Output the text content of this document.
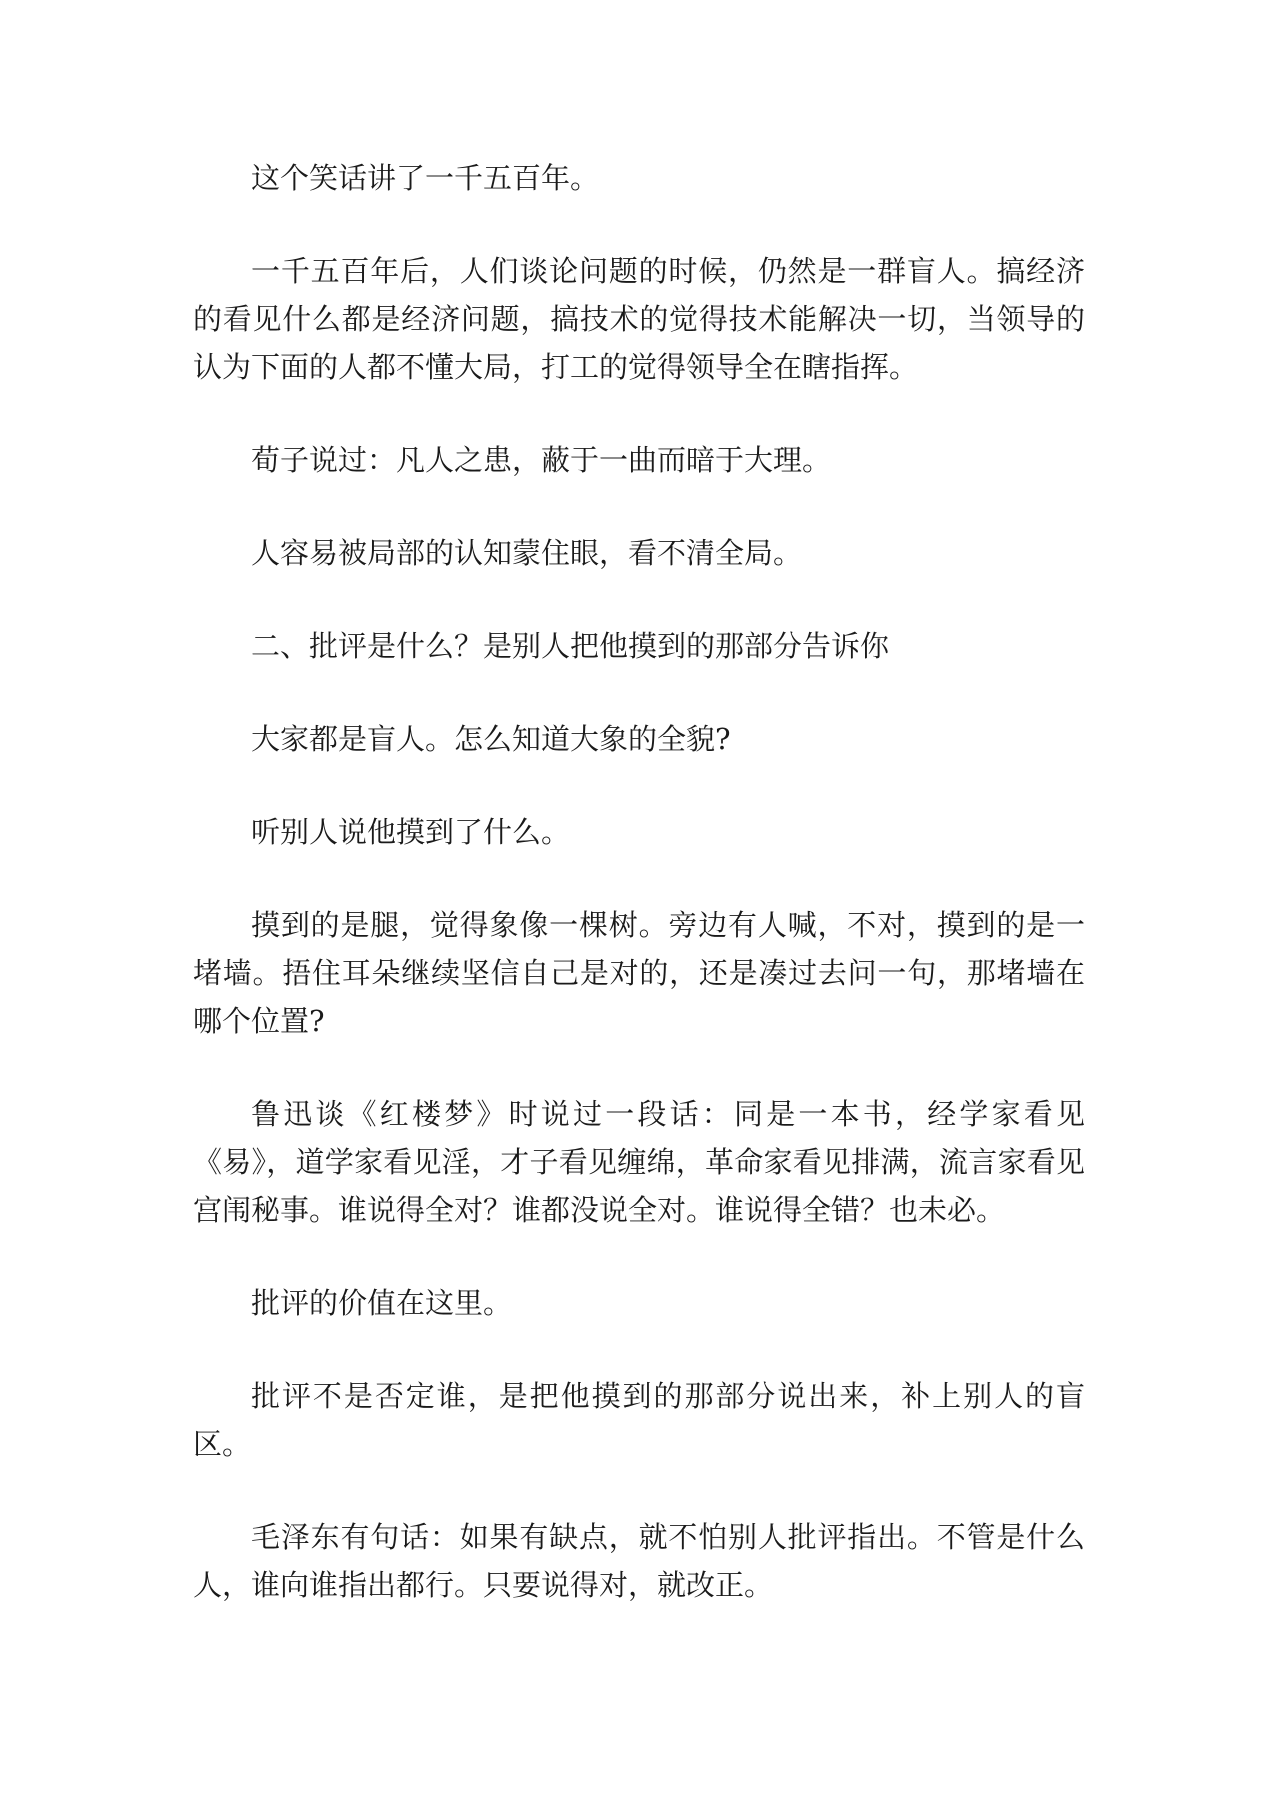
这个笑话讲了一千五百年。

一千五百年后，人们谈论问题的时候，仍然是一群盲人。搞经济的看见什么都是经济问题，搞技术的觉得技术能解决一切，当领导的认为下面的人都不懂大局，打工的觉得领导全在瞎指挥。

荀子说过：凡人之患，蔽于一曲而暗于大理。

人容易被局部的认知蒙住眼，看不清全局。

二、批评是什么？是别人把他摸到的那部分告诉你

大家都是盲人。怎么知道大象的全貌?

听别人说他摸到了什么。

摸到的是腿，觉得象像一棵树。旁边有人喊，不对，摸到的是一堵墙。捂住耳朵继续坚信自己是对的，还是凑过去问一句，那堵墙在哪个位置?

鲁迅谈《红楼梦》时说过一段话：同是一本书，经学家看见《易》，道学家看见淫，才子看见缠绵，革命家看见排满，流言家看见宫闱秘事。谁说得全对？谁都没说全对。谁说得全错？也未必。

批评的价值在这里。

批评不是否定谁，是把他摸到的那部分说出来，补上别人的盲区。

毛泽东有句话：如果有缺点，就不怕别人批评指出。不管是什么人，谁向谁指出都行。只要说得对，就改正。
